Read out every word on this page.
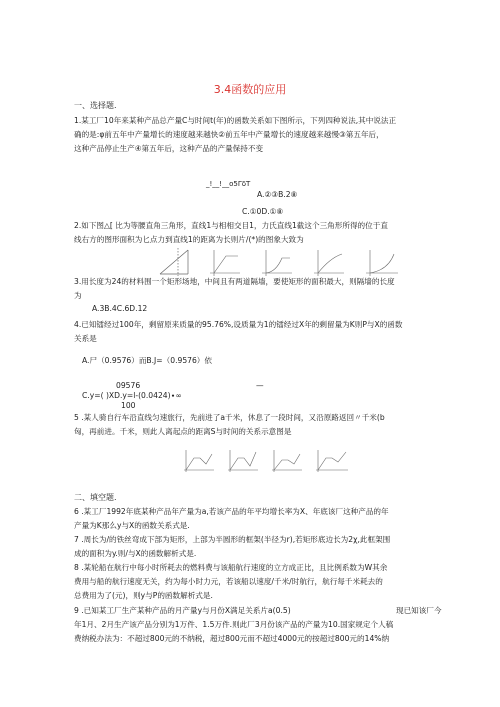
3.4函数的应用
一、选择题.
1.某工厂10年来某种产品总产量C与时间t(年)的函数关系如下图所示，下列四种说法,其中说法正
确的是:φ前五年中产量增长的速度越来越快②前五年中产量增长的速度越来越慢③第五年后，
这种产品停止生产④第五年后，这种产品的产量保持不变
_!__!__o5ΓδT
A.②③B.2⑧
C.①0D.①⑧
2.如下图△[ 比为等腰直角三角形，直线1与相相交目1，力氏直线1截这个三角形所得的位于直
线右方的图形面积为匕点力到直线1的距离为长则片/(*)的图象大致为
3.用长度为24的材料围一个矩形场地，中间且有两道隔墙，要使矩形的面积最大，则隔墙的长度
为
A.3B.4C.6D.12
4.已知镭经过100年，剩留原来质量的95.76%,设质量为1的镭经过X年的剩留量为K则P与X的函数
关系是
A.尸（0.9576）而B.J=（0.9576）依
09576	—
C.y=( )XD.y=l-(0.0424)∙∞
100
5 .某人骑自行车沿直线匀速旅行，先前进了a千米，休息了一段时间，又沿原路返回〃千米(b
匈，再前进。千米，则此人离起点的距离S与时间的关系示意图是
二、填空题.
6 .某工厂1992年底某种产品年产量为a,若该产品的年平均增长率为X、年底该厂这种产品的年
产量为K那么y与X的函数关系式是.
7 .周长为/的铁丝弯成下部为矩形，上部为半圆形的框架(半径为r),若矩形底边长为2χ,此框架围
成的面积为y.则/与X的函数解析式是.
8 .某轮船在航行中每小时所耗去的燃料费与该船航行速度的立方成正比，且比例系数为W其余
费用与船的航行速度无关，约为每小时力元，若该船以速度/千米/时航行，航行每千米耗去的
总费用为了(元)，则y与P的函数解析式是.
9 .已知某工厂生产某种产品的月产量y与月份X满足关系片a(0.5)	现已知该厂今
年1月、2月生产该产品分别为1万件、1.5万件.则此厂3月份该产品的产量为10.国家规定个人稿
费纳税办法为：不超过800元的不纳税，超过800元而不超过4000元的按超过800元的14%纳
